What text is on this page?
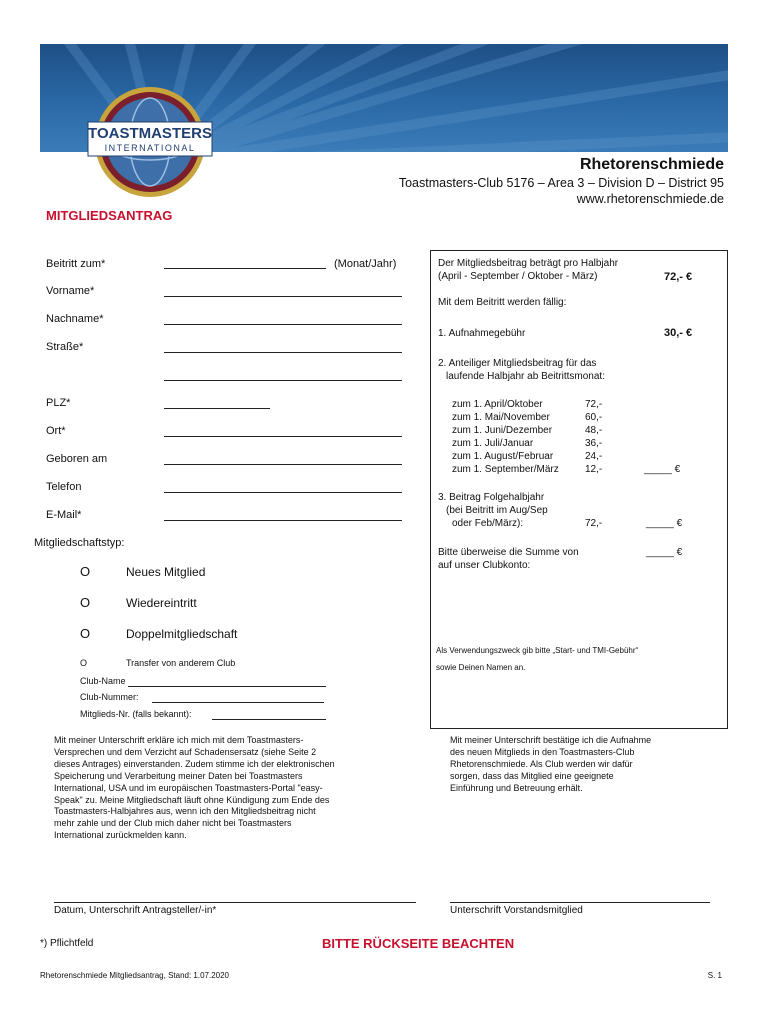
TOASTMASTERS
INTERNATIONAL
Rhetorenschmiede
Toastmasters-Club 5176 – Area 3 – Division D – District 95
www.rhetorenschmiede.de
MITGLIEDSANTRAG
Beitritt zum*	(Monat/Jahr)
Vorname*
Nachname*
Straße*
PLZ*
Ort*
Geboren am
Telefon
E-Mail*
Mitgliedschaftstyp:
O	Neues Mitglied
O	Wiedereintritt
O	Doppelmitgliedschaft
O	Transfer von anderem Club
Club-Name
Club-Nummer:
Mitglieds-Nr. (falls bekannt):
Der Mitgliedsbeitrag beträgt pro Halbjahr
(April - September / Oktober - März)	72,- €
Mit dem Beitritt werden fällig:
1. Aufnahmegebühr	30,- €
2. Anteiliger Mitgliedsbeitrag für das
laufende Halbjahr ab Beitrittsmonat:
zum 1. April/Oktober	72,-
zum 1. Mai/November	60,-
zum 1. Juni/Dezember	48,-
zum 1. Juli/Januar	36,-
zum 1. August/Februar	24,-
zum 1. September/März	12,-	_____ €
3. Beitrag Folgehalbjahr
(bei Beitritt im Aug/Sep
oder Feb/März):	72,-	_____ €
Bitte überweise die Summe von
auf unser Clubkonto:
_____ €
Als Verwendungszweck gib bitte „Start- und TMI-Gebühr“
sowie Deinen Namen an.
Mit meiner Unterschrift erkläre ich mich mit dem Toastmasters-
Versprechen und dem Verzicht auf Schadensersatz (siehe Seite 2
dieses Antrages) einverstanden. Zudem stimme ich der elektronischen
Speicherung und Verarbeitung meiner Daten bei Toastmasters
International, USA und im europäischen Toastmasters-Portal "easy-
Speak" zu. Meine Mitgliedschaft läuft ohne Kündigung zum Ende des
Toastmasters-Halbjahres aus, wenn ich den Mitgliedsbeitrag nicht
mehr zahle und der Club mich daher nicht bei Toastmasters
International zurückmelden kann.
Mit meiner Unterschrift bestätige ich die Aufnahme
des neuen Mitglieds in den Toastmasters-Club
Rhetorenschmiede. Als Club werden wir dafür
sorgen, dass das Mitglied eine geeignete
Einführung und Betreuung erhält.
Datum, Unterschrift Antragsteller/-in*	Unterschrift Vorstandsmitglied
*) Pflichtfeld	BITTE RÜCKSEITE BEACHTEN
Rhetorenschmiede Mitgliedsantrag, Stand: 1.07.2020	S. 1
